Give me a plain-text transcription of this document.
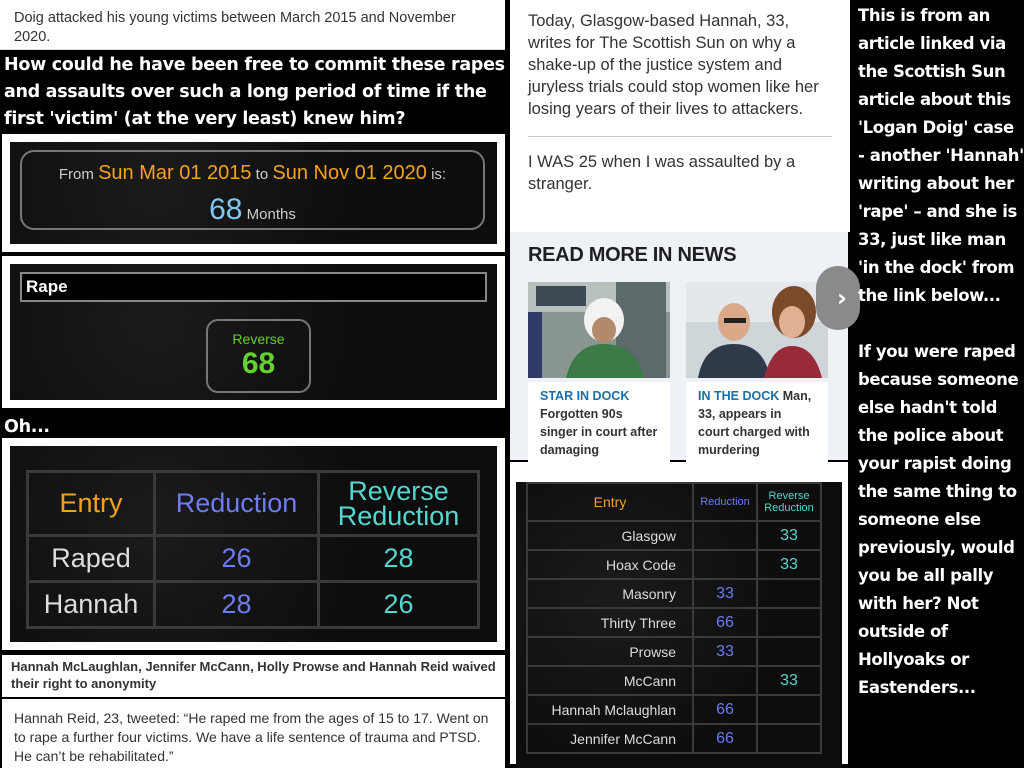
Doig attacked his young victims between March 2015 and November 2020.
How could he have been free to commit these rapes and assaults over such a long period of time if the first 'victim' (at the very least) knew him?
From Sun Mar 01 2015 to Sun Nov 01 2020 is:
68 Months
Rape
Reverse
68
Oh...
Entry	Reduction	Reverse Reduction
Raped	26	28
Hannah	28	26
Hannah McLaughlan, Jennifer McCann, Holly Prowse and Hannah Reid waived their right to anonymity
Hannah Reid, 23, tweeted: “He raped me from the ages of 15 to 17. Went on to rape a further four victims. We have a life sentence of trauma and PTSD. He can’t be rehabilitated.”

Today, Glasgow-based Hannah, 33, writes for The Scottish Sun on why a shake-up of the justice system and juryless trials could stop women like her losing years of their lives to attackers.

I WAS 25 when I was assaulted by a stranger.

READ MORE IN NEWS
STAR IN DOCK Forgotten 90s singer in court after damaging
IN THE DOCK Man, 33, appears in court charged with murdering
›
Entry	Reduction	Reverse Reduction
Glasgow		33
Hoax Code		33
Masonry	33	
Thirty Three	66	
Prowse	33	
McCann		33
Hannah Mclaughlan	66	
Jennifer McCann	66	

This is from an article linked via the Scottish Sun article about this 'Logan Doig' case - another 'Hannah' writing about her 'rape' – and she is 33, just like man 'in the dock' from the link below...

If you were raped because someone else hadn't told the police about your rapist doing the same thing to someone else previously, would you be all pally with her? Not outside of Hollyoaks or Eastenders...
